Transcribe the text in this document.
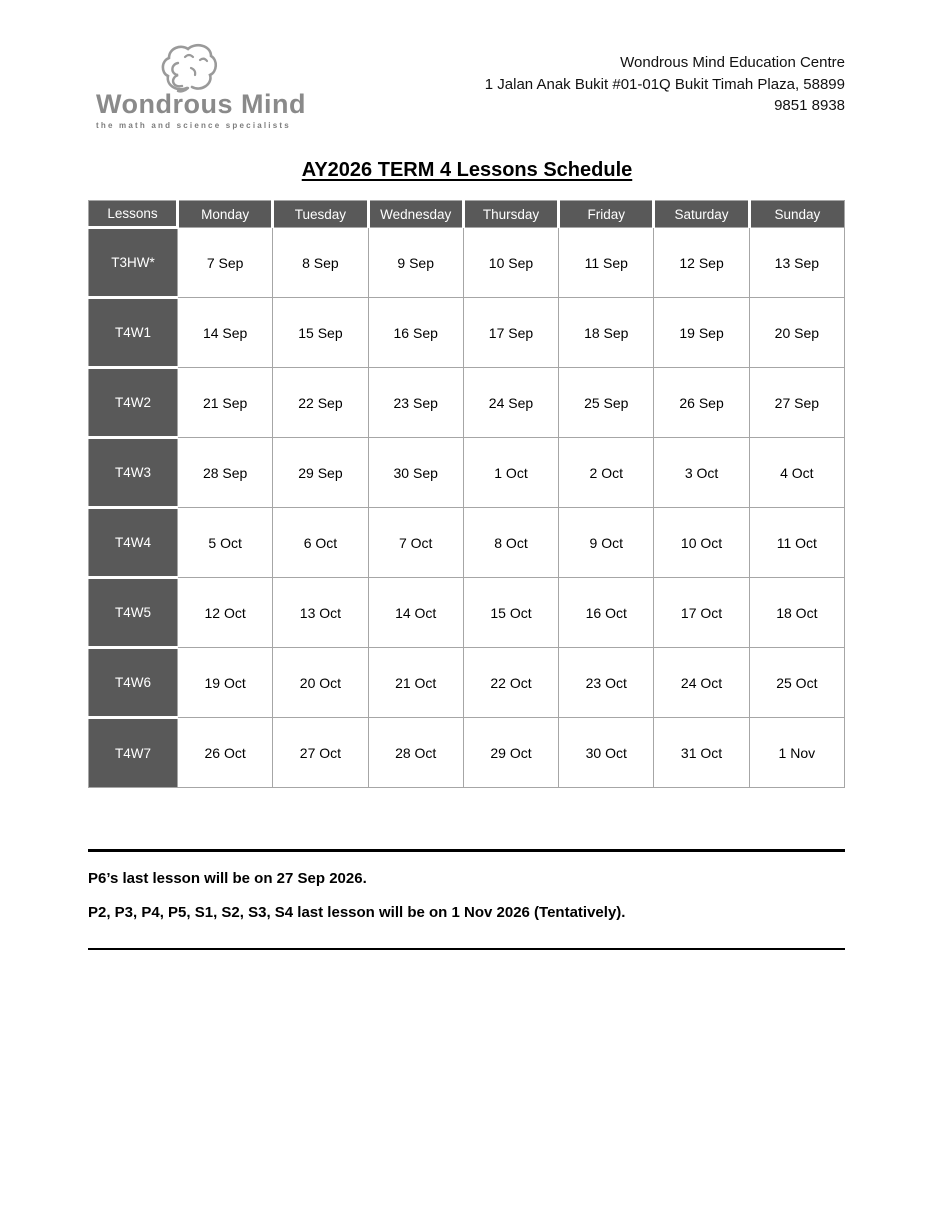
Wondrous Mind
the math and science specialists
Wondrous Mind Education Centre
1 Jalan Anak Bukit #01-01Q Bukit Timah Plaza, 58899
9851 8938
AY2026 TERM 4 Lessons Schedule
Lessons	Monday	Tuesday	Wednesday	Thursday	Friday	Saturday	Sunday
T3HW*	7 Sep	8 Sep	9 Sep	10 Sep	11 Sep	12 Sep	13 Sep
T4W1	14 Sep	15 Sep	16 Sep	17 Sep	18 Sep	19 Sep	20 Sep
T4W2	21 Sep	22 Sep	23 Sep	24 Sep	25 Sep	26 Sep	27 Sep
T4W3	28 Sep	29 Sep	30 Sep	1 Oct	2 Oct	3 Oct	4 Oct
T4W4	5 Oct	6 Oct	7 Oct	8 Oct	9 Oct	10 Oct	11 Oct
T4W5	12 Oct	13 Oct	14 Oct	15 Oct	16 Oct	17 Oct	18 Oct
T4W6	19 Oct	20 Oct	21 Oct	22 Oct	23 Oct	24 Oct	25 Oct
T4W7	26 Oct	27 Oct	28 Oct	29 Oct	30 Oct	31 Oct	1 Nov

P6’s last lesson will be on 27 Sep 2026.

P2, P3, P4, P5, S1, S2, S3, S4 last lesson will be on 1 Nov 2026 (Tentatively).
